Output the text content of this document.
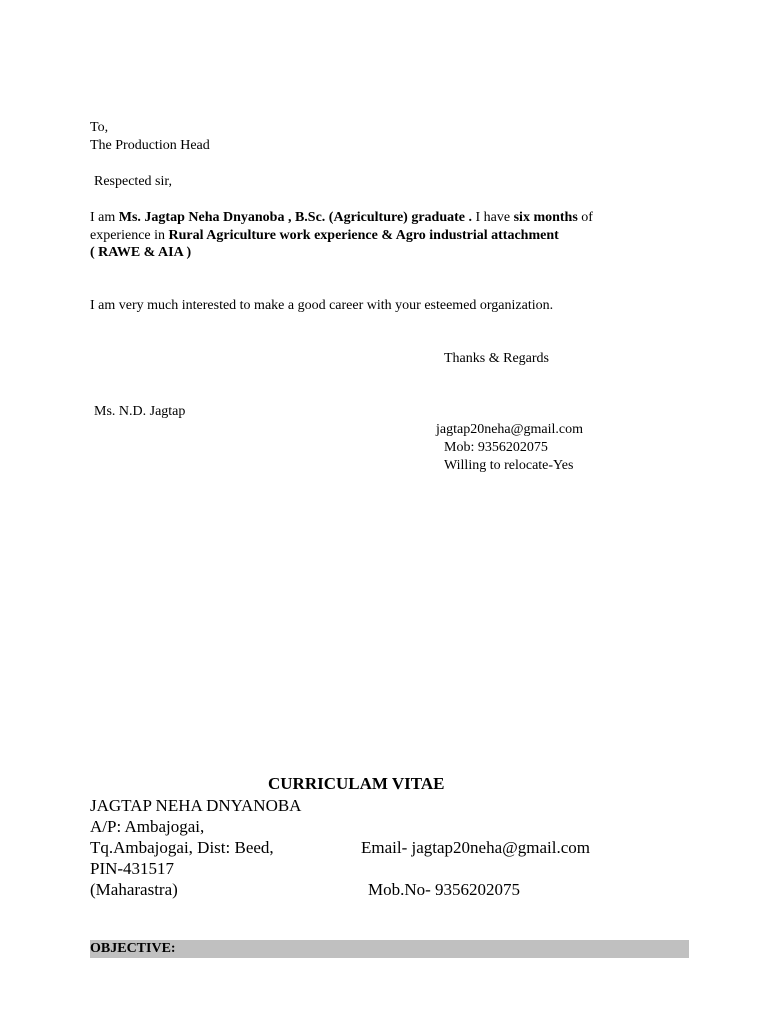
To,
The Production Head
Respected sir,
I am Ms. Jagtap Neha Dnyanoba , B.Sc. (Agriculture) graduate . I have six months of
experience in Rural Agriculture work experience & Agro industrial attachment
( RAWE & AIA )
I am very much interested to make a good career with your esteemed organization.
Thanks & Regards
Ms. N.D. Jagtap
jagtap20neha@gmail.com
Mob: 9356202075
Willing to relocate-Yes
CURRICULAM VITAE
JAGTAP NEHA DNYANOBA
A/P: Ambajogai,
Tq.Ambajogai, Dist: Beed,	Email- jagtap20neha@gmail.com
PIN-431517
(Maharastra)	Mob.No- 9356202075
OBJECTIVE:
